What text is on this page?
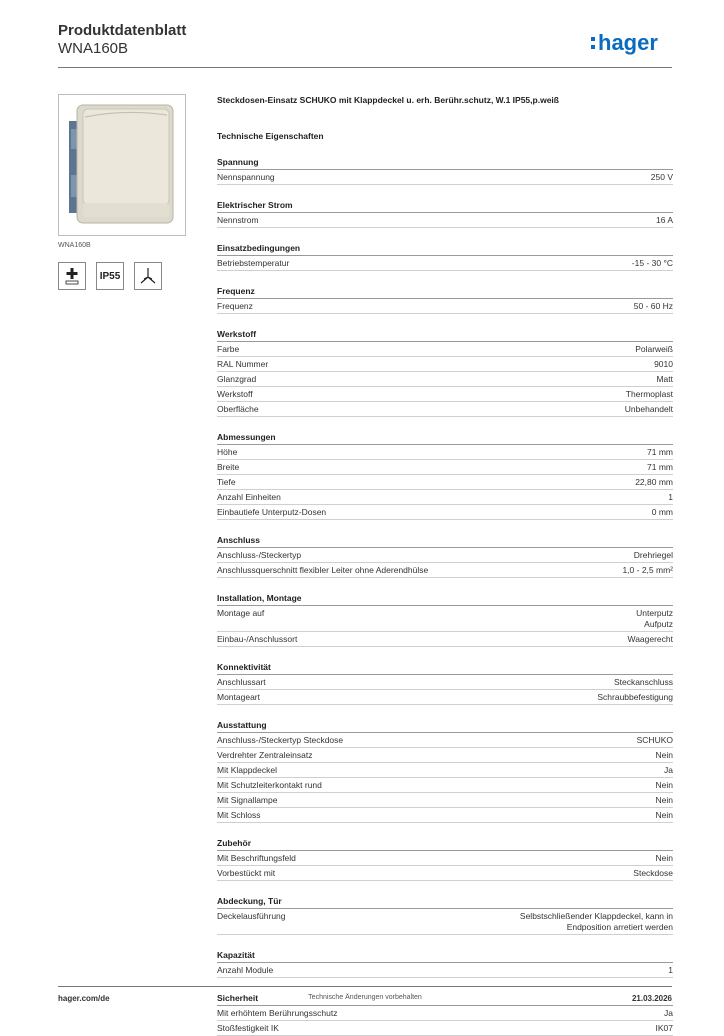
Produktdatenblatt
WNA160B	hager
WNA160B
IP55

Steckdosen-Einsatz SCHUKO mit Klappdeckel u. erh. Berühr.schutz, W.1 IP55,p.weiß

Technische Eigenschaften
Spannung
Nennspannung	250 V
Elektrischer Strom
Nennstrom	16 A
Einsatzbedingungen
Betriebstemperatur	-15 - 30 °C
Frequenz
Frequenz	50 - 60 Hz
Werkstoff
Farbe	Polarweiß
RAL Nummer	9010
Glanzgrad	Matt
Werkstoff	Thermoplast
Oberfläche	Unbehandelt
Abmessungen
Höhe	71 mm
Breite	71 mm
Tiefe	22,80 mm
Anzahl Einheiten	1
Einbautiefe Unterputz-Dosen	0 mm
Anschluss
Anschluss-/Steckertyp	Drehriegel
Anschlussquerschnitt flexibler Leiter ohne Aderendhülse	1,0 - 2,5 mm²
Installation, Montage
Montage auf	Unterputz
Aufputz
Einbau-/Anschlussort	Waagerecht
Konnektivität
Anschlussart	Steckanschluss
Montageart	Schraubbefestigung
Ausstattung
Anschluss-/Steckertyp Steckdose	SCHUKO
Verdrehter Zentraleinsatz	Nein
Mit Klappdeckel	Ja
Mit Schutzleiterkontakt rund	Nein
Mit Signallampe	Nein
Mit Schloss	Nein
Zubehör
Mit Beschriftungsfeld	Nein
Vorbestückt mit	Steckdose
Abdeckung, Tür
Deckelausführung	Selbstschließender Klappdeckel, kann in
Endposition arretiert werden
Kapazität
Anzahl Module	1
Sicherheit
Mit erhöhtem Berührungsschutz	Ja
Stoßfestigkeit IK	IK07
hager.com/de	Technische Änderungen vorbehalten	21.03.2026
